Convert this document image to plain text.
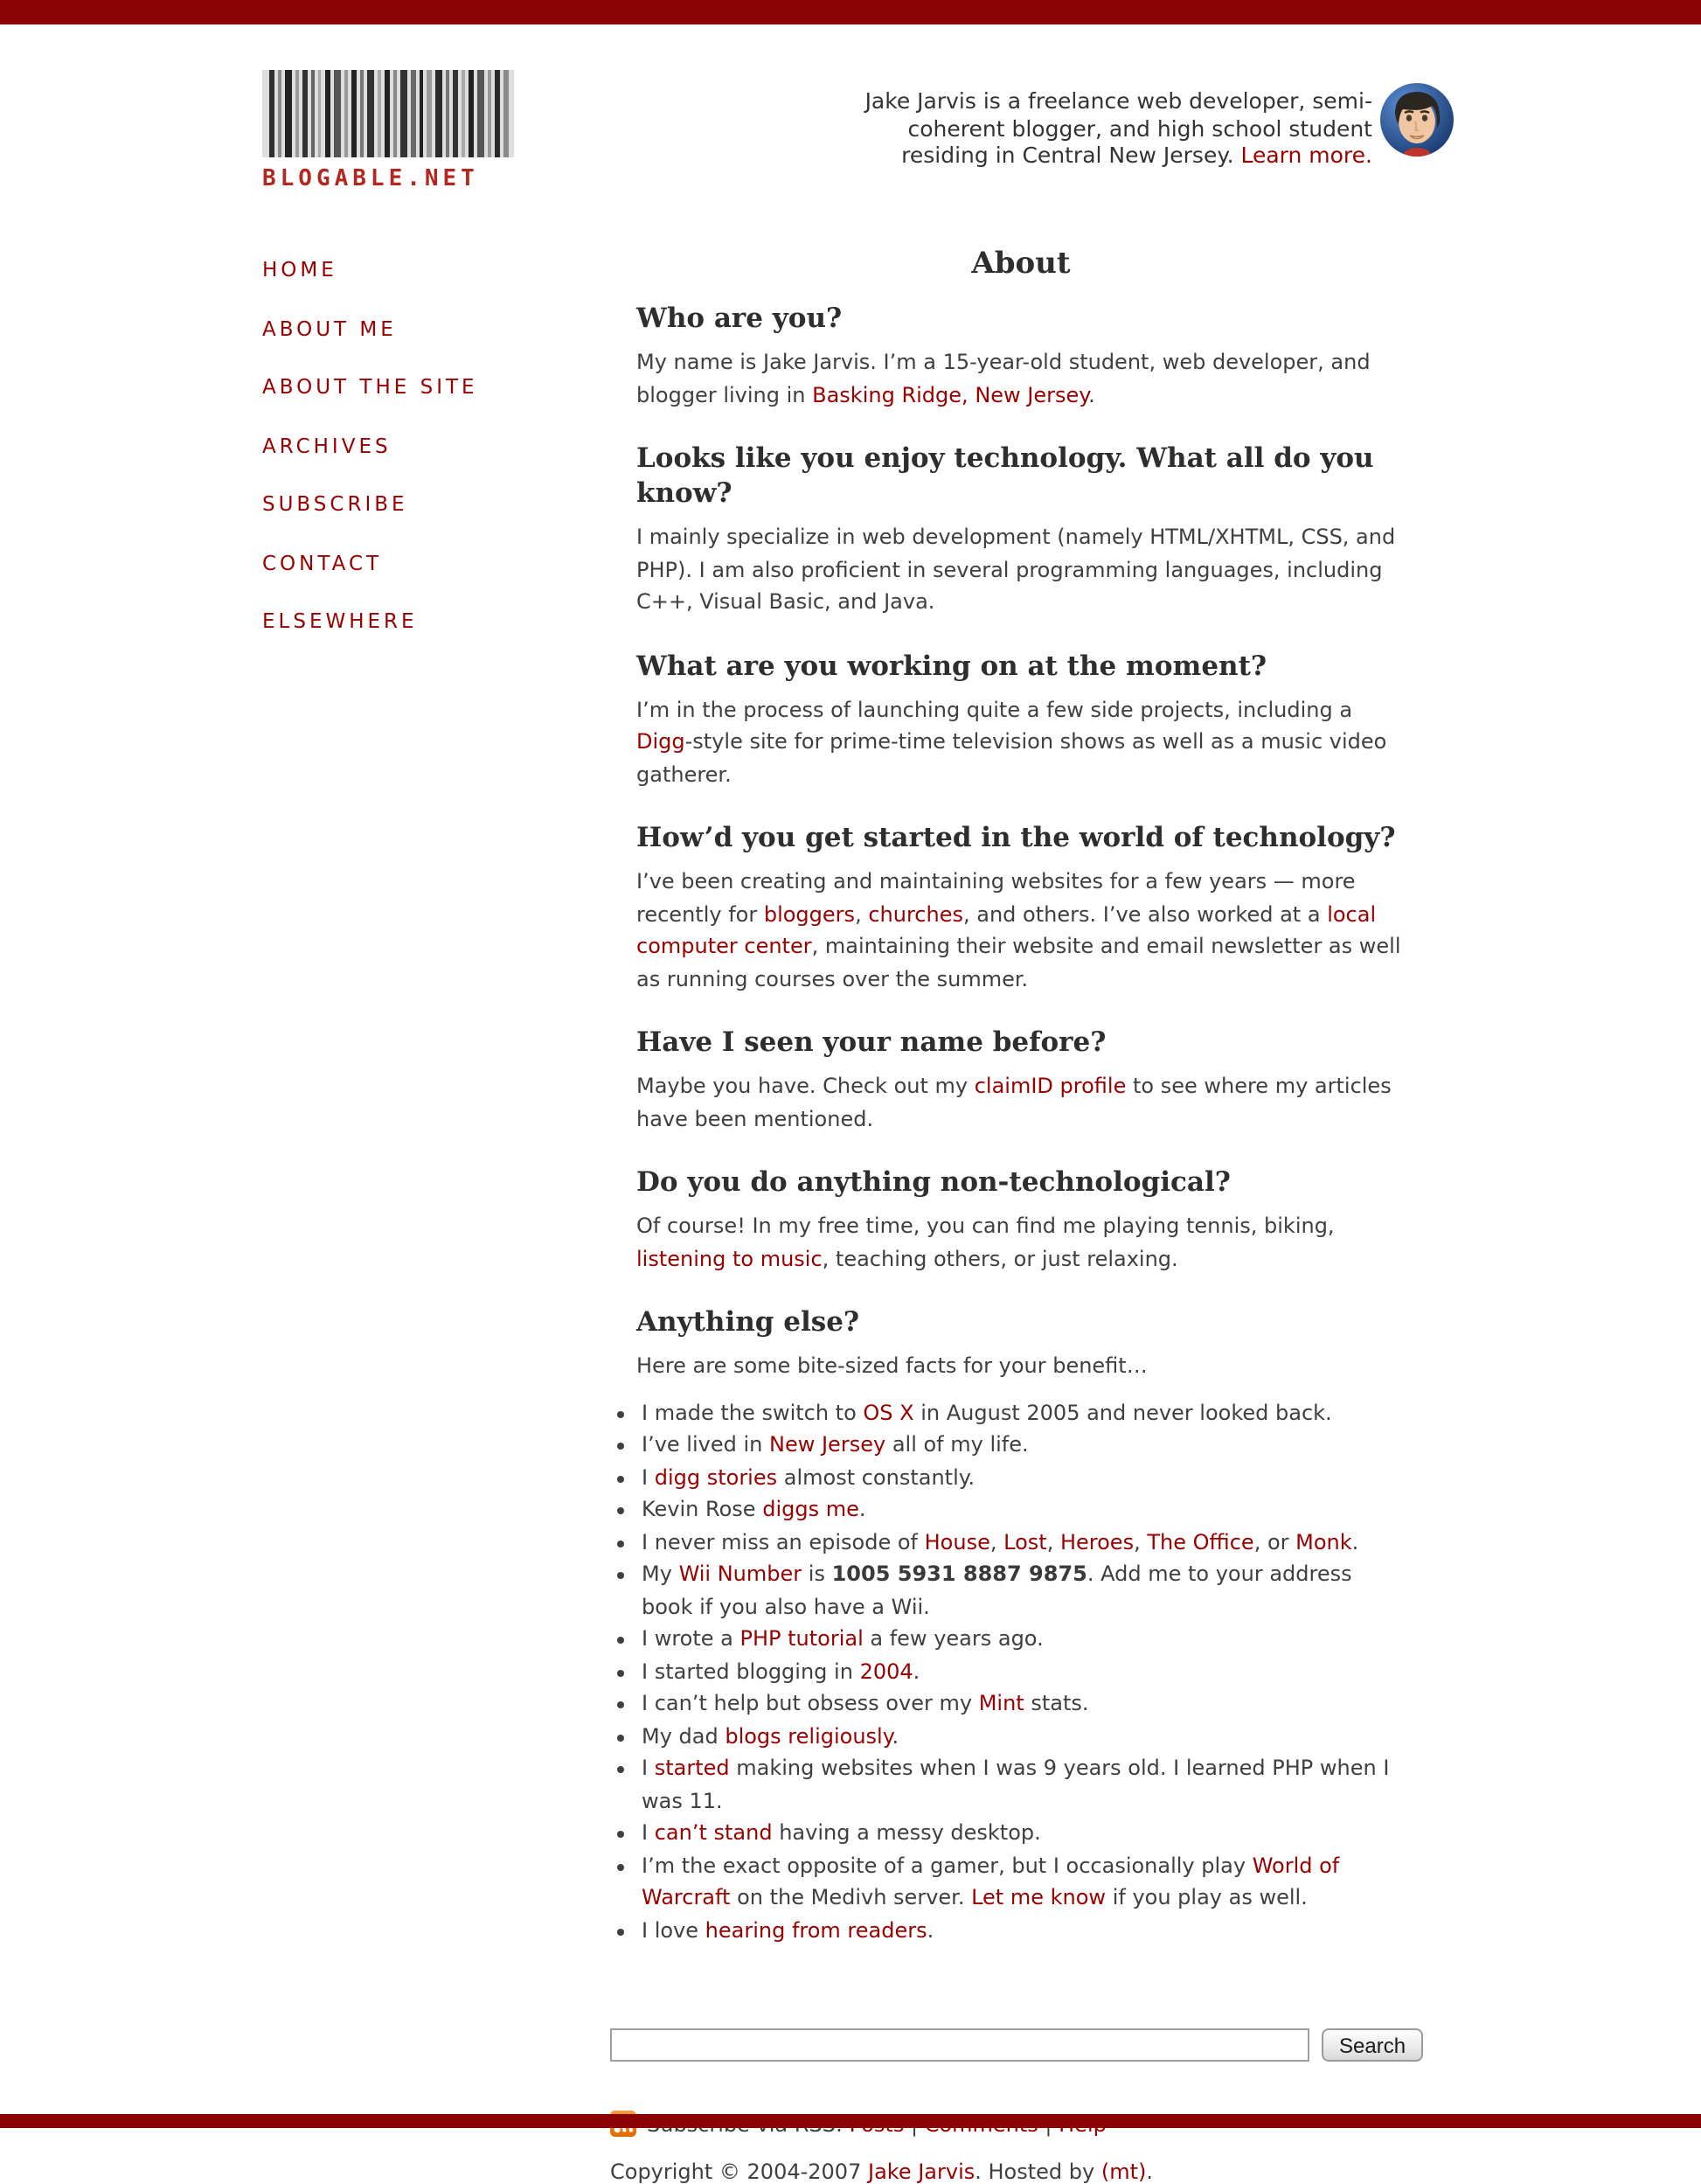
BLOGABLE.NET
Jake Jarvis is a freelance web developer, semi-coherent blogger, and high school student residing in Central New Jersey. Learn more.
HOME
ABOUT ME
ABOUT THE SITE
ARCHIVES
SUBSCRIBE
CONTACT
ELSEWHERE
About
Who are you?

My name is Jake Jarvis. I’m a 15-year-old student, web developer, and blogger living in Basking Ridge, New Jersey.

Looks like you enjoy technology. What all do you know?

I mainly specialize in web development (namely HTML/XHTML, CSS, and PHP). I am also proficient in several programming languages, including C++, Visual Basic, and Java.

What are you working on at the moment?

I’m in the process of launching quite a few side projects, including a Digg-style site for prime-time television shows as well as a music video gatherer.

How’d you get started in the world of technology?

I’ve been creating and maintaining websites for a few years — more recently for bloggers, churches, and others. I’ve also worked at a local computer center, maintaining their website and email newsletter as well as running courses over the summer.

Have I seen your name before?

Maybe you have. Check out my claimID profile to see where my articles have been mentioned.

Do you do anything non-technological?

Of course! In my free time, you can find me playing tennis, biking, listening to music, teaching others, or just relaxing.

Anything else?

Here are some bite-sized facts for your benefit…

• I made the switch to OS X in August 2005 and never looked back.
• I’ve lived in New Jersey all of my life.
• I digg stories almost constantly.
• Kevin Rose diggs me.
• I never miss an episode of House, Lost, Heroes, The Office, or Monk.
• My Wii Number is 1005 5931 8887 9875. Add me to your address book if you also have a Wii.
• I wrote a PHP tutorial a few years ago.
• I started blogging in 2004.
• I can’t help but obsess over my Mint stats.
• My dad blogs religiously.
• I started making websites when I was 9 years old. I learned PHP when I was 11.
• I can’t stand having a messy desktop.
• I’m the exact opposite of a gamer, but I occasionally play World of Warcraft on the Medivh server. Let me know if you play as well.
• I love hearing from readers.
Search
Copyright © 2004-2007 Jake Jarvis. Hosted by (mt).
